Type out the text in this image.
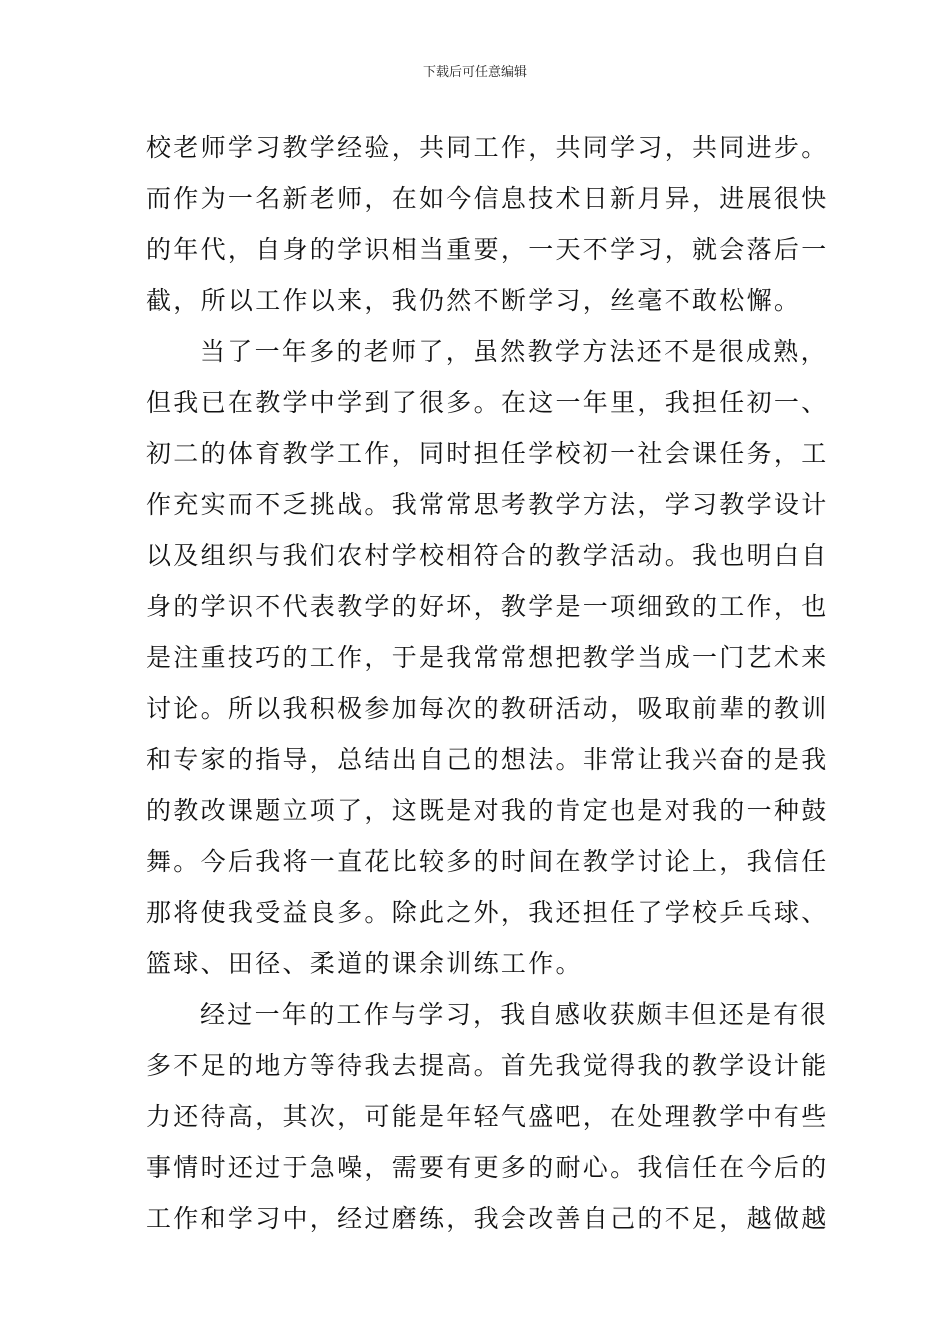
下载后可任意编辑
校老师学习教学经验，共同工作，共同学习，共同进步。
而作为一名新老师，在如今信息技术日新月异，进展很快
的年代，自身的学识相当重要，一天不学习，就会落后一
截，所以工作以来，我仍然不断学习，丝毫不敢松懈。
当了一年多的老师了，虽然教学方法还不是很成熟，
但我已在教学中学到了很多。在这一年里，我担任初一、
初二的体育教学工作，同时担任学校初一社会课任务，工
作充实而不乏挑战。我常常思考教学方法，学习教学设计
以及组织与我们农村学校相符合的教学活动。我也明白自
身的学识不代表教学的好坏，教学是一项细致的工作，也
是注重技巧的工作，于是我常常想把教学当成一门艺术来
讨论。所以我积极参加每次的教研活动，吸取前辈的教训
和专家的指导，总结出自己的想法。非常让我兴奋的是我
的教改课题立项了，这既是对我的肯定也是对我的一种鼓
舞。今后我将一直花比较多的时间在教学讨论上，我信任
那将使我受益良多。除此之外，我还担任了学校乒乓球、
篮球、田径、柔道的课余训练工作。
经过一年的工作与学习，我自感收获颇丰但还是有很
多不足的地方等待我去提高。首先我觉得我的教学设计能
力还待高，其次，可能是年轻气盛吧，在处理教学中有些
事情时还过于急噪，需要有更多的耐心。我信任在今后的
工作和学习中，经过磨练，我会改善自己的不足，越做越
